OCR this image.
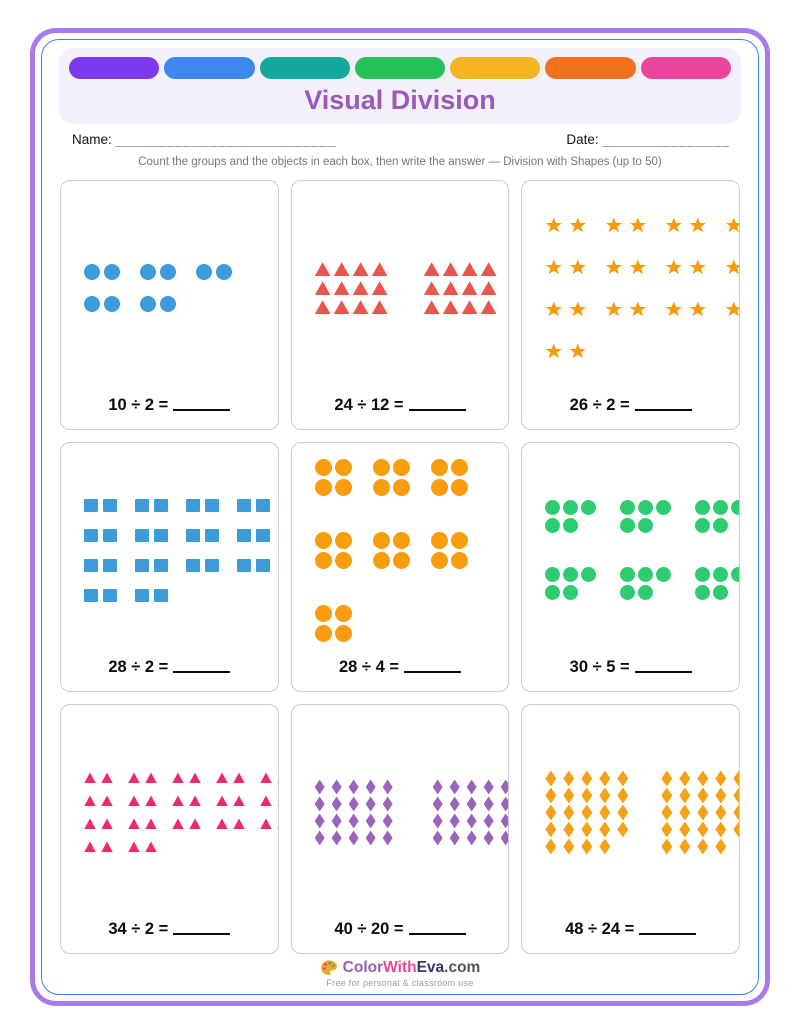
Visual Division
Name: __________________________	Date: _______________
Count the groups and the objects in each box, then write the answer — Division with Shapes (up to 50)
10 ÷ 2 =	24 ÷ 12 =	26 ÷ 2 =
28 ÷ 2 =	28 ÷ 4 =	30 ÷ 5 =
34 ÷ 2 =	40 ÷ 20 =	48 ÷ 24 =
ColorWithEva.com
Free for personal & classroom use
